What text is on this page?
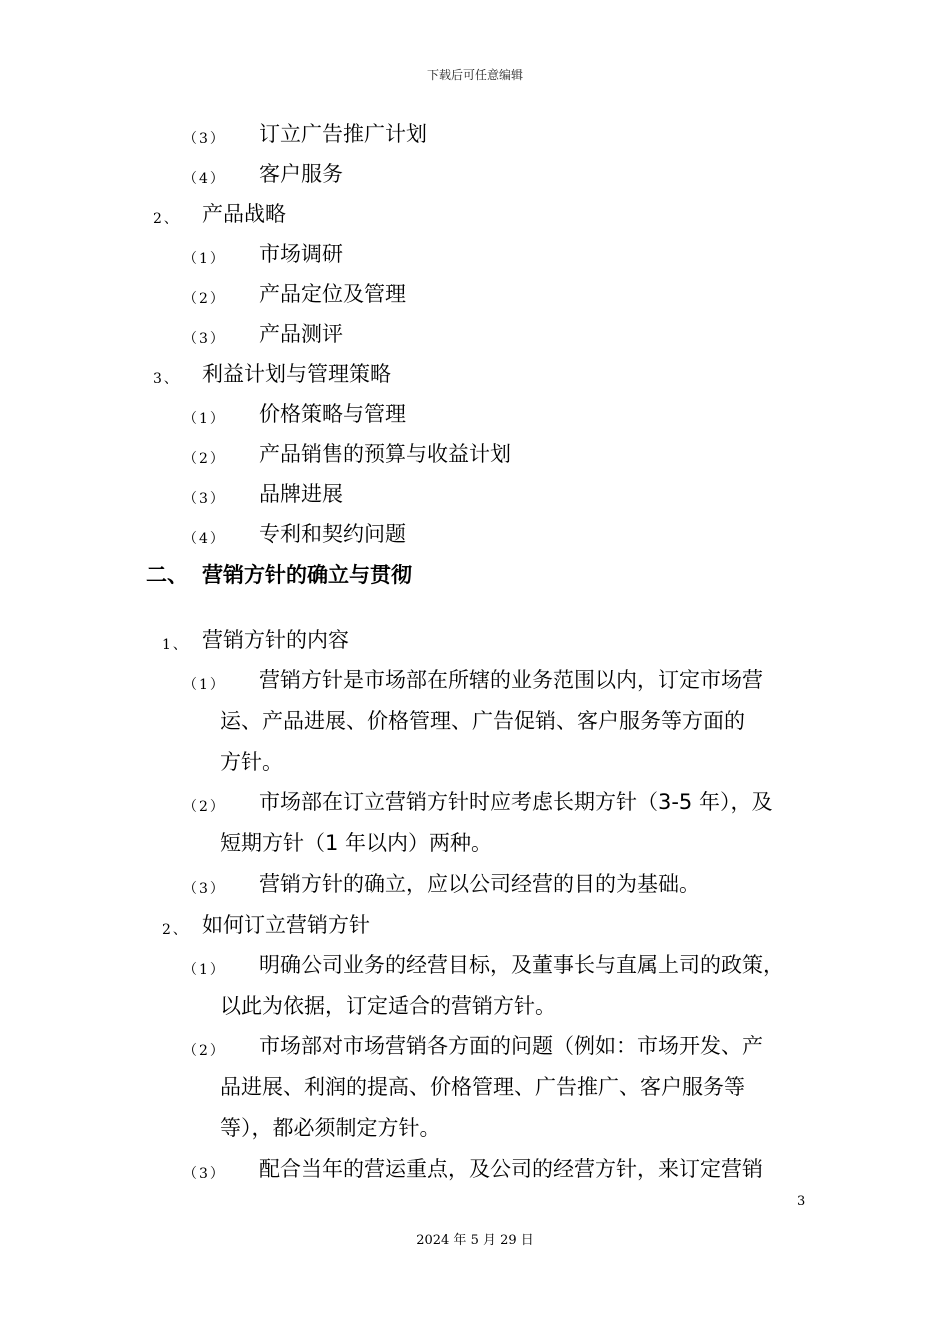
下载后可任意编辑
（3） 订立广告推广计划
（4） 客户服务
2、 产品战略
（1） 市场调研
（2） 产品定位及管理
（3） 产品测评
3、 利益计划与管理策略
（1） 价格策略与管理
（2） 产品销售的预算与收益计划
（3） 品牌进展
（4） 专利和契约问题
二、 营销方针的确立与贯彻
1、 营销方针的内容
（1） 营销方针是市场部在所辖的业务范围以内，订定市场营
运、产品进展、价格管理、广告促销、客户服务等方面的
方针。
（2） 市场部在订立营销方针时应考虑长期方针（3-5 年），及
短期方针（1 年以内）两种。
（3） 营销方针的确立，应以公司经营的目的为基础。
2、 如何订立营销方针
（1） 明确公司业务的经营目标，及董事长与直属上司的政策，
以此为依据，订定适合的营销方针。
（2） 市场部对市场营销各方面的问题（例如：市场开发、产
品进展、利润的提高、价格管理、广告推广、客户服务等
等），都必须制定方针。
（3） 配合当年的营运重点，及公司的经营方针，来订定营销
3
2024 年 5 月 29 日
